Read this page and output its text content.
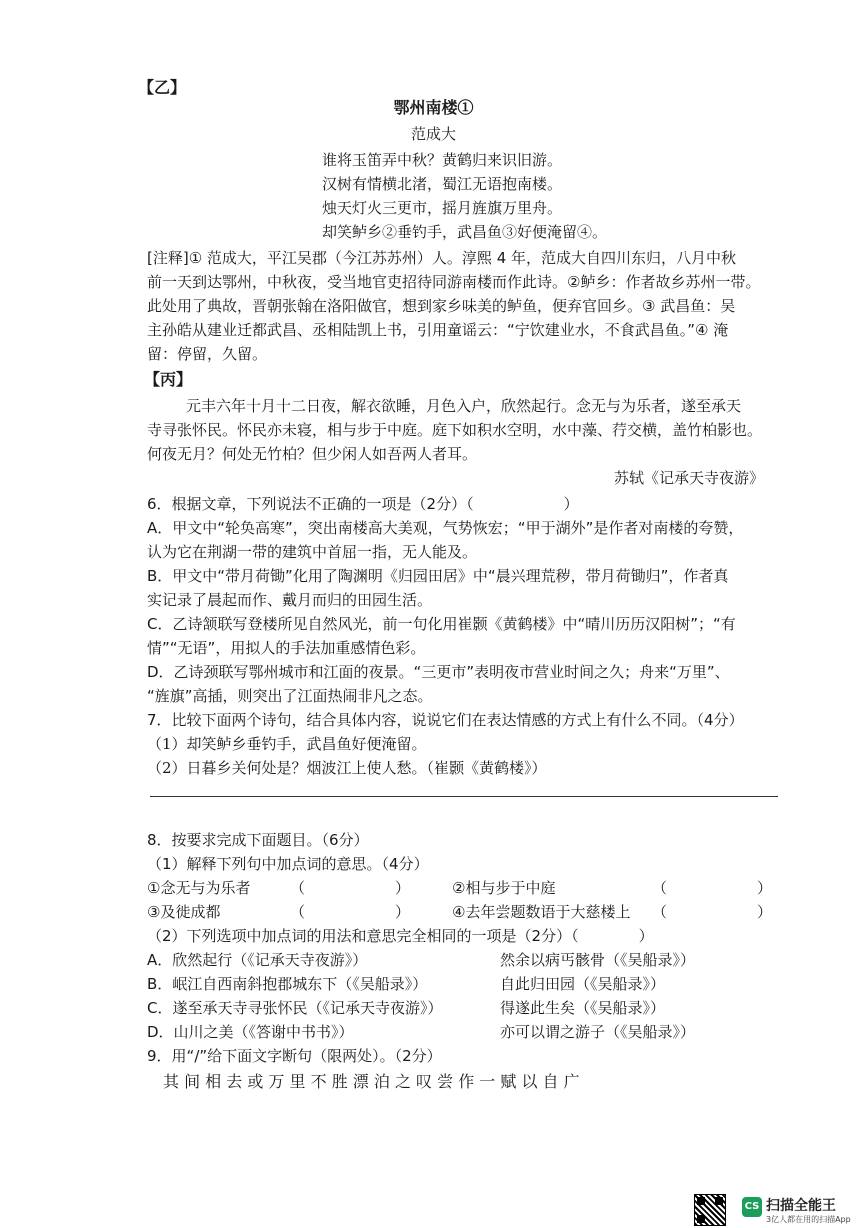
【乙】
鄂州南楼①
范成大
谁将玉笛弄中秋？黄鹤归来识旧游。
汉树有情横北渚，蜀江无语抱南楼。
烛天灯火三更市，摇月旌旗万里舟。
却笑鲈乡②垂钓手，武昌鱼③好便淹留④。
[注释]① 范成大，平江吴郡（今江苏苏州）人。淳熙 4 年，范成大自四川东归，八月中秋
前一天到达鄂州，中秋夜，受当地官吏招待同游南楼而作此诗。②鲈乡：作者故乡苏州一带。
此处用了典故，晋朝张翰在洛阳做官，想到家乡味美的鲈鱼，便弃官回乡。③ 武昌鱼：吴
主孙皓从建业迁都武昌、丞相陆凯上书，引用童谣云：“宁饮建业水，不食武昌鱼。”④ 淹
留：停留，久留。
【丙】
元丰六年十月十二日夜，解衣欲睡，月色入户，欣然起行。念无与为乐者，遂至承天
寺寻张怀民。怀民亦未寝，相与步于中庭。庭下如积水空明，水中藻、荇交横，盖竹柏影也。
何夜无月？何处无竹柏？但少闲人如吾两人者耳。
苏轼《记承天寺夜游》
6．根据文章，下列说法不正确的一项是（2分）（　　　　　　）
A．甲文中“轮奂高寒”，突出南楼高大美观，气势恢宏；“甲于湖外”是作者对南楼的夸赞，
认为它在荆湖一带的建筑中首屈一指，无人能及。
B．甲文中“带月荷锄”化用了陶渊明《归园田居》中“晨兴理荒秽，带月荷锄归”，作者真
实记录了晨起而作、戴月而归的田园生活。
C．乙诗颔联写登楼所见自然风光，前一句化用崔颢《黄鹤楼》中“晴川历历汉阳树”；“有
情”“无语”，用拟人的手法加重感情色彩。
D．乙诗颈联写鄂州城市和江面的夜景。“三更市”表明夜市营业时间之久；舟来“万里”、
“旌旗”高插，则突出了江面热闹非凡之态。
7．比较下面两个诗句，结合具体内容，说说它们在表达情感的方式上有什么不同。（4分）
（1）却笑鲈乡垂钓手，武昌鱼好便淹留。
（2）日暮乡关何处是？烟波江上使人愁。（崔颢《黄鹤楼》）
8．按要求完成下面题目。（6分）
（1）解释下列句中加点词的意思。（4分）
①念无与为乐者	（　　　　　　）	②相与步于中庭	（　　　　　　）
③及徙成都	（　　　　　　）	④去年尝题数语于大慈楼上 （　　　　　　）
（2）下列选项中加点词的用法和意思完全相同的一项是（2分）（　　　　）
A．欣然起行（《记承天寺夜游》）	然余以病丐骸骨（《吴船录》）
B．岷江自西南斜抱郡城东下（《吴船录》）	自此归田园（《吴船录》）
C．遂至承天寺寻张怀民（《记承天寺夜游》）	得遂此生矣（《吴船录》）
D．山川之美（《答谢中书书》）	亦可以谓之游子（《吴船录》）
9．用“/”给下面文字断句（限两处）。（2分）
其 间 相 去 或 万 里 不 胜 漂 泊 之 叹 尝 作 一 赋 以 自 广
CS 扫描全能王
3亿人都在用的扫描App
